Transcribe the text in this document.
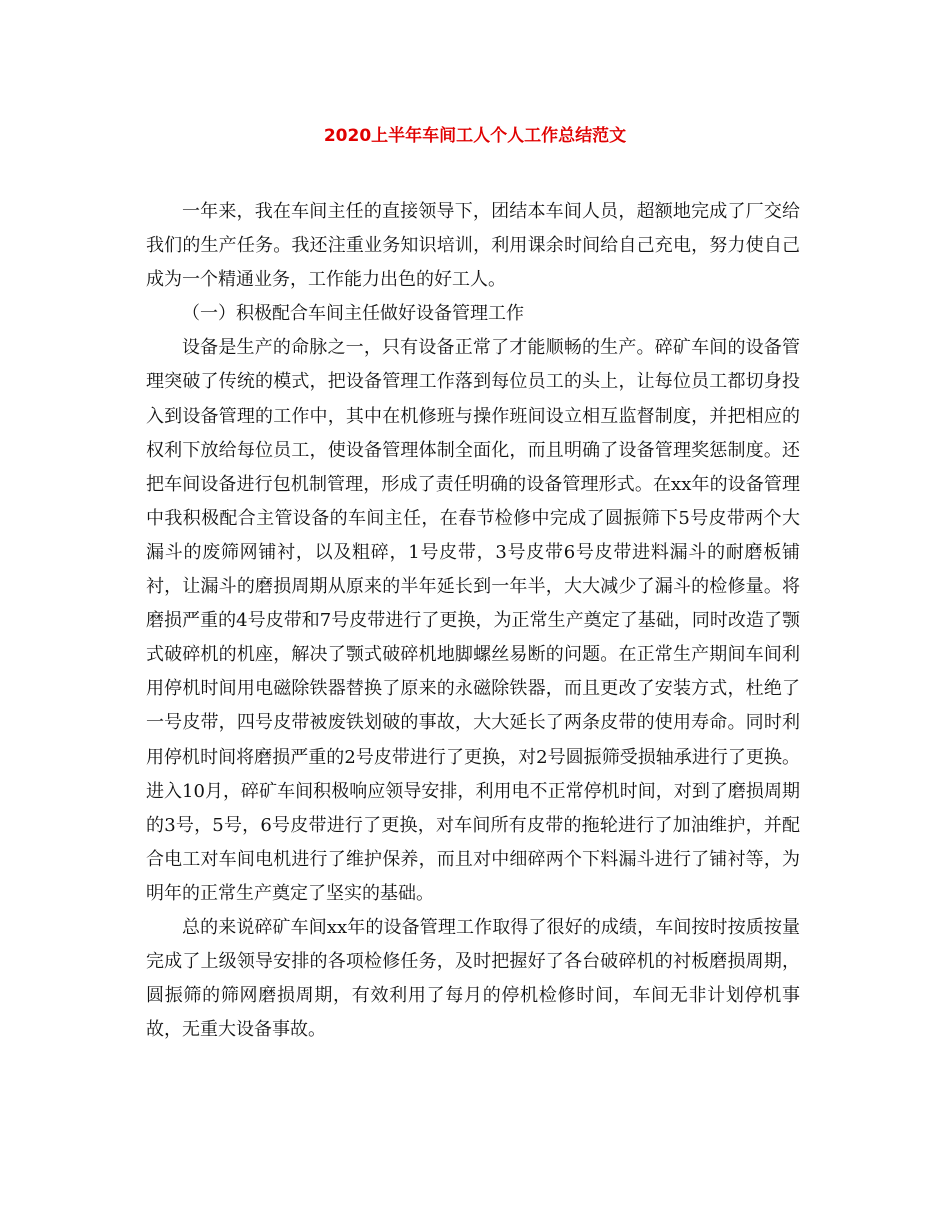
2020上半年车间工人个人工作总结范文

一年来，我在车间主任的直接领导下，团结本车间人员，超额地完成了厂交给我们的生产任务。我还注重业务知识培训，利用课余时间给自己充电，努力使自己成为一个精通业务，工作能力出色的好工人。

（一）积极配合车间主任做好设备管理工作

设备是生产的命脉之一，只有设备正常了才能顺畅的生产。碎矿车间的设备管理突破了传统的模式，把设备管理工作落到每位员工的头上，让每位员工都切身投入到设备管理的工作中，其中在机修班与操作班间设立相互监督制度，并把相应的权利下放给每位员工，使设备管理体制全面化，而且明确了设备管理奖惩制度。还把车间设备进行包机制管理，形成了责任明确的设备管理形式。在xx年的设备管理中我积极配合主管设备的车间主任，在春节检修中完成了圆振筛下5号皮带两个大漏斗的废筛网铺衬，以及粗碎，1号皮带，3号皮带6号皮带进料漏斗的耐磨板铺衬，让漏斗的磨损周期从原来的半年延长到一年半，大大减少了漏斗的检修量。将磨损严重的4号皮带和7号皮带进行了更换，为正常生产奠定了基础，同时改造了颚式破碎机的机座，解决了颚式破碎机地脚螺丝易断的问题。在正常生产期间车间利用停机时间用电磁除铁器替换了原来的永磁除铁器，而且更改了安装方式，杜绝了一号皮带，四号皮带被废铁划破的事故，大大延长了两条皮带的使用寿命。同时利用停机时间将磨损严重的2号皮带进行了更换，对2号圆振筛受损轴承进行了更换。进入10月，碎矿车间积极响应领导安排，利用电不正常停机时间，对到了磨损周期的3号，5号，6号皮带进行了更换，对车间所有皮带的拖轮进行了加油维护，并配合电工对车间电机进行了维护保养，而且对中细碎两个下料漏斗进行了铺衬等，为明年的正常生产奠定了坚实的基础。

总的来说碎矿车间xx年的设备管理工作取得了很好的成绩，车间按时按质按量完成了上级领导安排的各项检修任务，及时把握好了各台破碎机的衬板磨损周期，圆振筛的筛网磨损周期，有效利用了每月的停机检修时间，车间无非计划停机事故，无重大设备事故。
